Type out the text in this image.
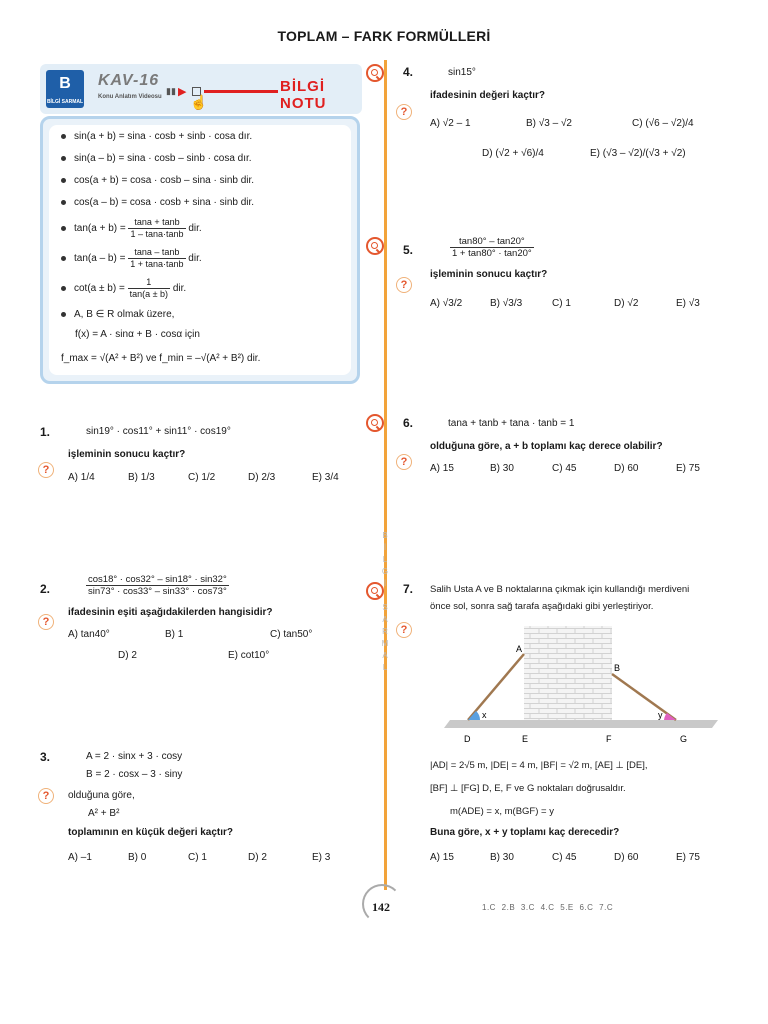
TOPLAM – FARK FORMÜLLERİ
B
BİLGİ SARMAL
KAV-16
Konu Anlatım Videosu
▮▮ ▶
☝
BİLGİ NOTU
sin(a + b) = sina · cosb + sinb · cosa dır.
sin(a – b) = sina · cosb – sinb · cosa dır.
cos(a + b) = cosa · cosb – sina · sinb dir.
cos(a – b) = cosa · cosb + sina · sinb dir.
$\tan(a + b) = \frac{\tan a + \tan b}{1 - \tan a\cdot\tan b}$ dir.
$\tan(a - b) = \frac{\tan a - \tan b}{1 + \tan a\cdot\tan b}$ dir.
$\cot(a \pm b) = \frac{1}{\tan(a \pm b)}$ dir.
A, B ∈ R olmak üzere,
f(x) = A · sinα + B · cosα için
f_max = √(A² + B²) ve f_min = –√(A² + B²) dir.
B
İ
L
G
İ

S
A
R
M
A
L
?
?
?
?
?
?
?
1.	sin19° · cos11° + sin11° · cos19°
işleminin sonucu kaçtır?
A) 1/4	B) 1/3	C) 1/2	D) 2/3	E) 3/4
2.	$\frac{\cos 18^\circ \cdot \cos 32^\circ - \sin 18^\circ \cdot \sin 32^\circ}{\sin 73^\circ \cdot \cos 33^\circ - \sin 33^\circ \cdot \cos 73^\circ}$
ifadesinin eşiti aşağıdakilerden hangisidir?
A) tan40°	B) 1	C) tan50°
D) 2	E) cot10°
3.	A = 2 · sinx + 3 · cosy
B = 2 · cosx – 3 · siny
olduğuna göre,
A² + B²
toplamının en küçük değeri kaçtır?
A) –1	B) 0	C) 1	D) 2	E) 3
4.	sin15°
ifadesinin değeri kaçtır?
A) √2 – 1	B) √3 – √2	C) (√6 – √2)/4
D) (√2 + √6)/4	E) (√3 – √2)/(√3 + √2)
5.	$\frac{\tan 80^\circ - \tan 20^\circ}{1 + \tan 80^\circ \cdot \tan 20^\circ}$
işleminin sonucu kaçtır?
A) √3/2	B) √3/3	C) 1	D) √2	E) √3
6.	tana + tanb + tana · tanb = 1
olduğuna göre, a + b toplamı kaç derece olabilir?
A) 15	B) 30	C) 45	D) 60	E) 75
7. Salih Usta A ve B noktalarına çıkmak için kullandığı merdiveni
önce sol, sonra sağ tarafa aşağıdaki gibi yerleştiriyor.
A
B
x	y
D	E	F	G
|AD| = 2√5 m, |DE| = 4 m, |BF| = √2 m, [AE] ⊥ [DE],
[BF] ⊥ [FG] D, E, F ve G noktaları doğrusaldır.
m(ADE) = x, m(BGF) = y
Buna göre, x + y toplamı kaç derecedir?
A) 15	B) 30	C) 45	D) 60	E) 75
142	1.C 2.B 3.C 4.C 5.E 6.C 7.C
